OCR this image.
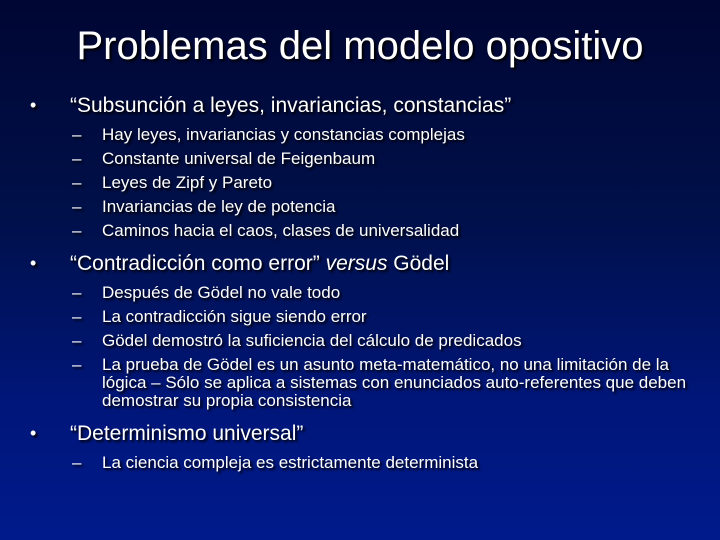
Problemas del modelo opositivo
• “Subsunción a leyes, invariancias, constancias”
– Hay leyes, invariancias y constancias complejas
– Constante universal de Feigenbaum
– Leyes de Zipf y Pareto
– Invariancias de ley de potencia
– Caminos hacia el caos, clases de universalidad
• “Contradicción como error” versus Gödel
– Después de Gödel no vale todo
– La contradicción sigue siendo error
– Gödel demostró la suficiencia del cálculo de predicados
– La prueba de Gödel es un asunto meta-matemático, no una limitación de la lógica – Sólo se aplica a sistemas con enunciados auto-referentes que deben demostrar su propia consistencia
• “Determinismo universal”
– La ciencia compleja es estrictamente determinista
